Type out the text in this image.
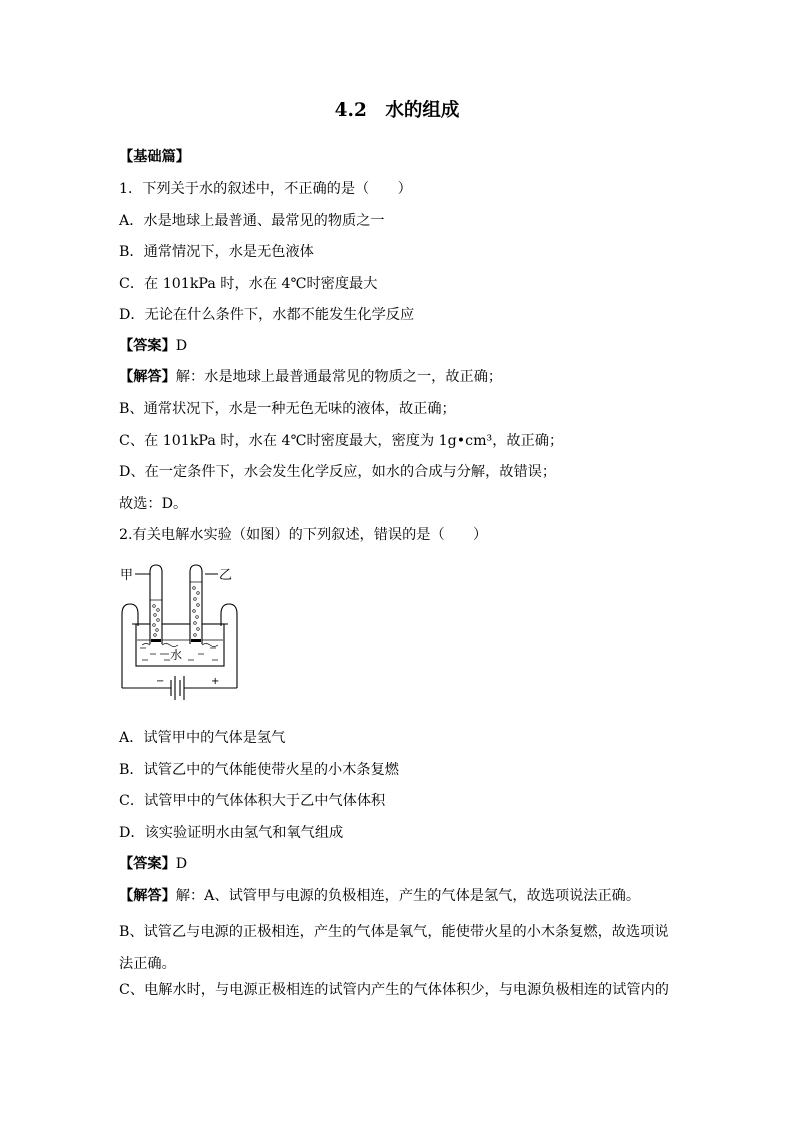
4.2　水的组成
【基础篇】
1．下列关于水的叙述中，不正确的是（　　）
A．水是地球上最普通、最常见的物质之一
B．通常情况下，水是无色液体
C．在 101kPa 时，水在 4℃时密度最大
D．无论在什么条件下，水都不能发生化学反应
【答案】D
【解答】解：水是地球上最普通最常见的物质之一，故正确；
B、通常状况下，水是一种无色无味的液体，故正确；
C、在 101kPa 时，水在 4℃时密度最大，密度为 1g•cm³，故正确；
D、在一定条件下，水会发生化学反应，如水的合成与分解，故错误；
故选：D。
2.有关电解水实验（如图）的下列叙述，错误的是（　　）
甲	乙
水
−	+
A．试管甲中的气体是氢气
B．试管乙中的气体能使带火星的小木条复燃
C．试管甲中的气体体积大于乙中气体体积
D．该实验证明水由氢气和氧气组成
【答案】D
【解答】解：A、试管甲与电源的负极相连，产生的气体是氢气，故选项说法正确。
B、试管乙与电源的正极相连，产生的气体是氧气，能使带火星的小木条复燃，故选项说法正确。
C、电解水时，与电源正极相连的试管内产生的气体体积少，与电源负极相连的试管内的
